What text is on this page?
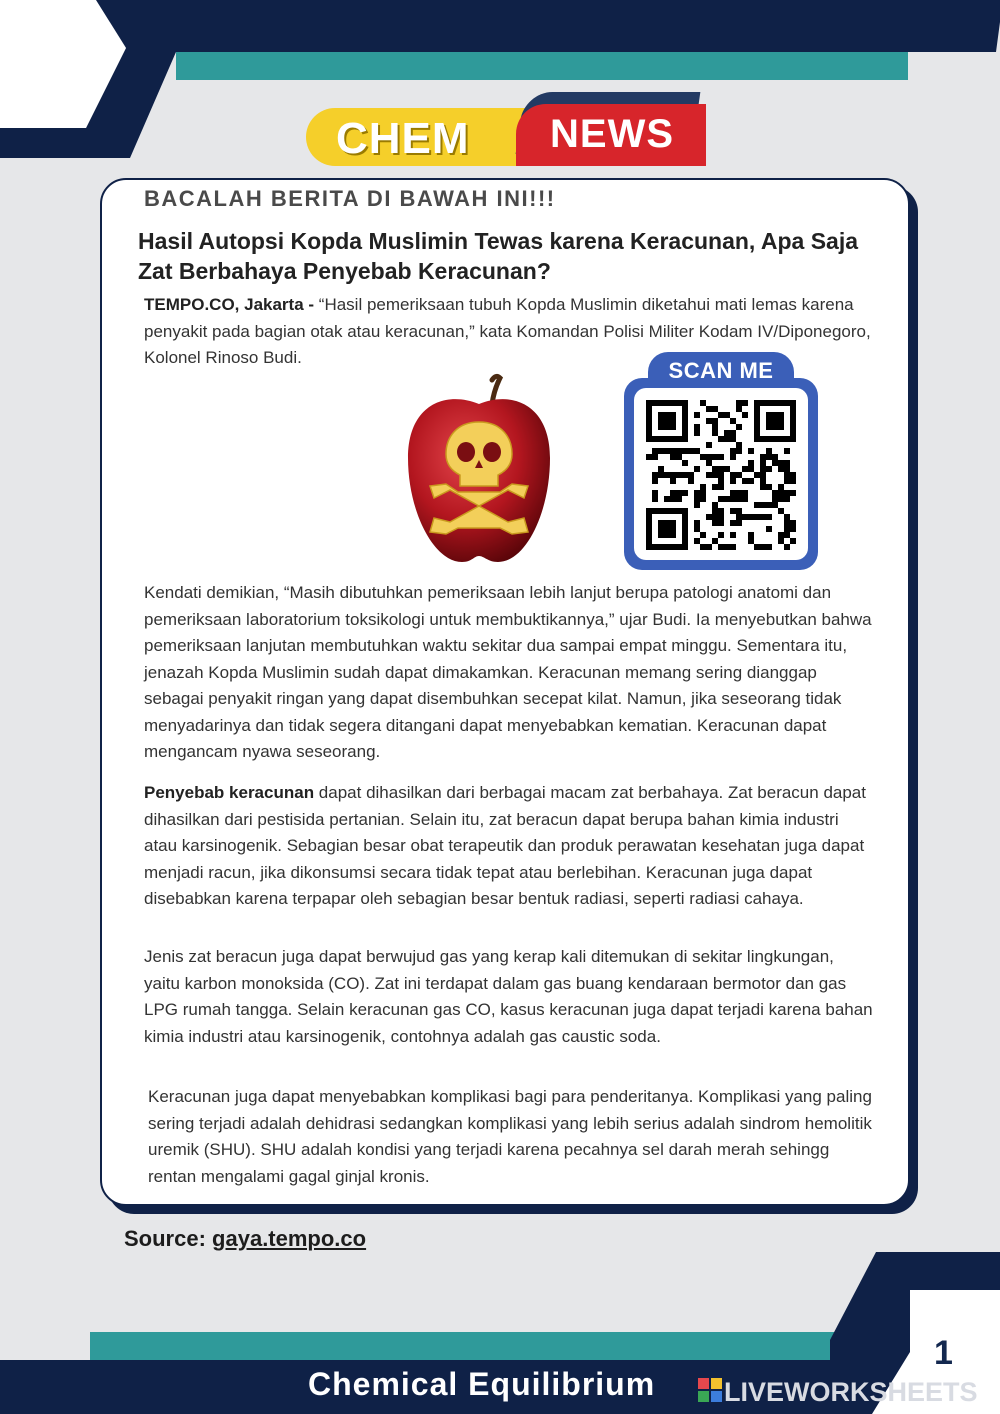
CHEM NEWS
BACALAH BERITA DI BAWAH INI!!!
Hasil Autopsi Kopda Muslimin Tewas karena Keracunan, Apa Saja Zat Berbahaya Penyebab Keracunan?
TEMPO.CO, Jakarta - “Hasil pemeriksaan tubuh Kopda Muslimin diketahui mati lemas karena penyakit pada bagian otak atau keracunan,” kata Komandan Polisi Militer Kodam IV/Diponegoro, Kolonel Rinoso Budi.
SCAN ME
Kendati demikian, “Masih dibutuhkan pemeriksaan lebih lanjut berupa patologi anatomi dan pemeriksaan laboratorium toksikologi untuk membuktikannya,” ujar Budi. Ia menyebutkan bahwa pemeriksaan lanjutan membutuhkan waktu sekitar dua sampai empat minggu. Sementara itu, jenazah Kopda Muslimin sudah dapat dimakamkan. Keracunan memang sering dianggap sebagai penyakit ringan yang dapat disembuhkan secepat kilat. Namun, jika seseorang tidak menyadarinya dan tidak segera ditangani dapat menyebabkan kematian. Keracunan dapat mengancam nyawa seseorang.
Penyebab keracunan dapat dihasilkan dari berbagai macam zat berbahaya. Zat beracun dapat dihasilkan dari pestisida pertanian. Selain itu, zat beracun dapat berupa bahan kimia industri atau karsinogenik. Sebagian besar obat terapeutik dan produk perawatan kesehatan juga dapat menjadi racun, jika dikonsumsi secara tidak tepat atau berlebihan. Keracunan juga dapat disebabkan karena terpapar oleh sebagian besar bentuk radiasi, seperti radiasi cahaya.
Jenis zat beracun juga dapat berwujud gas yang kerap kali ditemukan di sekitar lingkungan, yaitu karbon monoksida (CO). Zat ini terdapat dalam gas buang kendaraan bermotor dan gas LPG rumah tangga. Selain keracunan gas CO, kasus keracunan juga dapat terjadi karena bahan kimia industri atau karsinogenik, contohnya adalah gas caustic soda.
Keracunan juga dapat menyebabkan komplikasi bagi para penderitanya. Komplikasi yang paling sering terjadi adalah dehidrasi sedangkan komplikasi yang lebih serius adalah sindrom hemolitik uremik (SHU). SHU adalah kondisi yang terjadi karena pecahnya sel darah merah sehingg rentan mengalami gagal ginjal kronis.
Source: gaya.tempo.co
Chemical Equilibrium
1
LIVEWORKSHEETS
